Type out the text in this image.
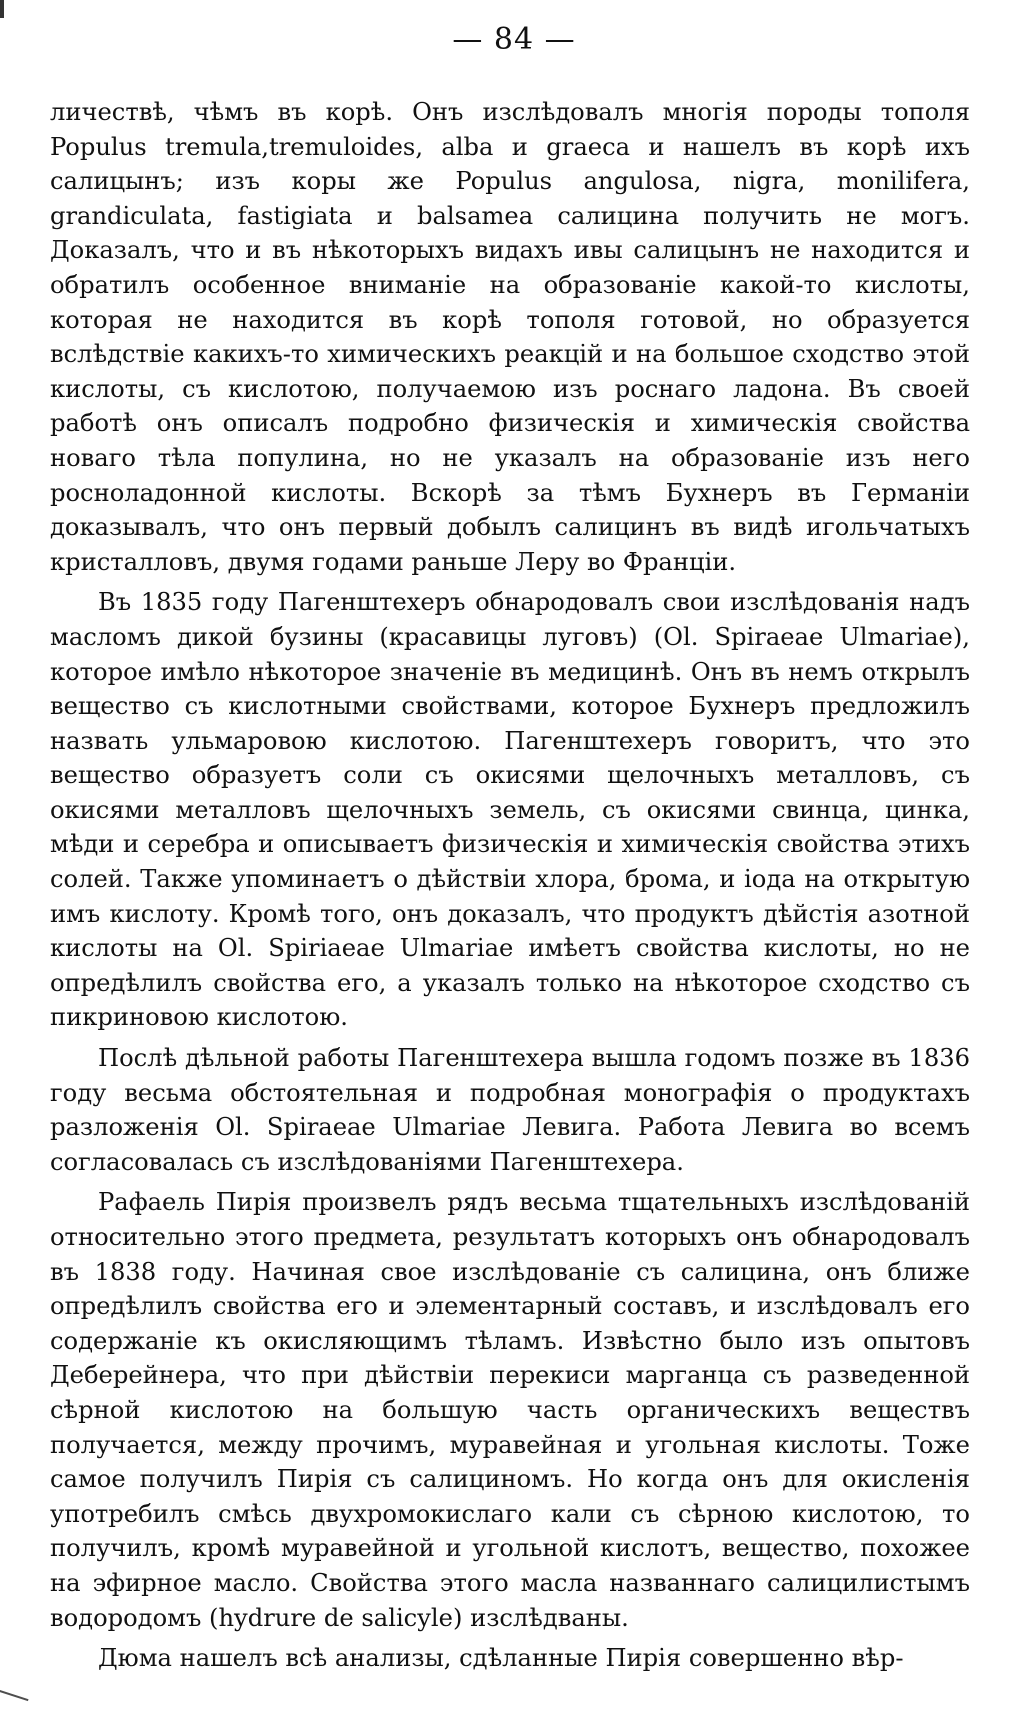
— 84 —

личествѣ, чѣмъ въ корѣ. Онъ изслѣдовалъ многія породы тополя Populus tremula,tremuloides, alba и graeca и нашелъ въ корѣ ихъ салицынъ; изъ коры же Populus angulosa, nigra, monilifera, grandiculata, fastigiata и balsamea салицина получить не могъ. Доказалъ, что и въ нѣкоторыхъ видахъ ивы салицынъ не находится и обратилъ особенное вниманіе на образованіе какой-то кислоты, которая не находится въ корѣ тополя готовой, но образуется вслѣдствіе какихъ-то химическихъ реакцій и на большое сходство этой кислоты, съ кислотою, получаемою изъ роснаго ладона. Въ своей работѣ онъ описалъ подробно физическія и химическія свойства новаго тѣла популина, но не указалъ на образованіе изъ него росноладонной кислоты. Вскорѣ за тѣмъ Бухнеръ въ Германіи доказывалъ, что онъ первый добылъ салицинъ въ видѣ игольчатыхъ кристалловъ, двумя годами раньше Леру во Франціи.

Въ 1835 году Пагенштехеръ обнародовалъ свои изслѣдованія надъ масломъ дикой бузины (красавицы луговъ) (Ol. Spiraeae Ulmariae), которое имѣло нѣкоторое значеніе въ медицинѣ. Онъ въ немъ открылъ вещество съ кислотными свойствами, которое Бухнеръ предложилъ назвать ульмаровою кислотою. Пагенштехеръ говоритъ, что это вещество образуетъ соли съ окисями щелочныхъ металловъ, съ окисями металловъ щелочныхъ земель, съ окисями свинца, цинка, мѣди и серебра и описываетъ физическія и химическія свойства этихъ солей. Также упоминаетъ о дѣйствіи хлора, брома, и іода на открытую имъ кислоту. Кромѣ того, онъ доказалъ, что продуктъ дѣйстія азотной кислоты на Ol. Spiriaeae Ulmariae имѣетъ свойства кислоты, но не опредѣлилъ свойства его, а указалъ только на нѣкоторое сходство съ пикриновою кислотою.

Послѣ дѣльной работы Пагенштехера вышла годомъ позже въ 1836 году весьма обстоятельная и подробная монографія о продуктахъ разложенія Ol. Spiraeae Ulmariae Левига. Работа Левига во всемъ согласовалась съ изслѣдованіями Пагенштехера.

Рафаель Пирія произвелъ рядъ весьма тщательныхъ изслѣдованій относительно этого предмета, результатъ которыхъ онъ обнародовалъ въ 1838 году. Начиная свое изслѣдованіе съ салицина, онъ ближе опредѣлилъ свойства его и элементарный составъ, и изслѣдовалъ его содержаніе къ окисляющимъ тѣламъ. Извѣстно было изъ опытовъ Деберейнера, что при дѣйствіи перекиси марганца съ разведенной сѣрной кислотою на большую часть органическихъ веществъ получается, между прочимъ, муравейная и угольная кислоты. Тоже самое получилъ Пирія съ салициномъ. Но когда онъ для окисленія употребилъ смѣсь двухромокислаго кали съ сѣрною кислотою, то получилъ, кромѣ муравейной и угольной кислотъ, вещество, похожее на эфирное масло. Свойства этого масла названнаго салицилистымъ водородомъ (hydrure de salicyle) изслѣдваны.

Дюма нашелъ всѣ анализы, сдѣланные Пирія совершенно вѣр-
